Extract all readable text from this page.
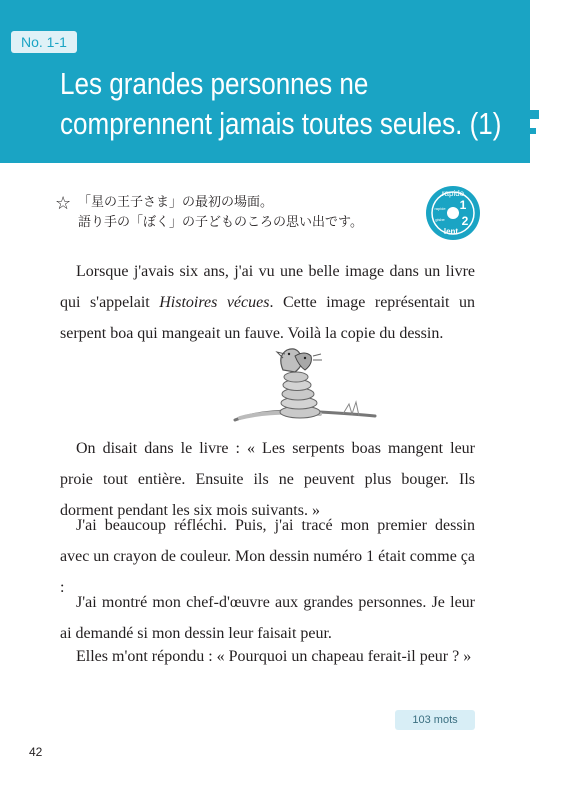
No. 1-1
Les grandes personnes ne
comprennent jamais toutes seules. (1)
☆ 「星の王子さま」の最初の場面。
語り手の「ぼく」の子どものころの思い出です。
rapide
lent
1
2
rapide
gisbe

Lorsque j'avais six ans, j'ai vu une belle image dans un livre qui s'appelait Histoires vécues. Cette image représentait un serpent boa qui mangeait un fauve. Voilà la copie du dessin.

On disait dans le livre : « Les serpents boas mangent leur proie tout entière. Ensuite ils ne peuvent plus bouger. Ils dorment pendant les six mois suivants. »

J'ai beaucoup réfléchi. Puis, j'ai tracé mon premier dessin avec un crayon de couleur. Mon dessin numéro 1 était comme ça :

J'ai montré mon chef-d'œuvre aux grandes personnes. Je leur ai demandé si mon dessin leur faisait peur.

Elles m'ont répondu : « Pourquoi un chapeau ferait-il peur ? »

103 mots
42
